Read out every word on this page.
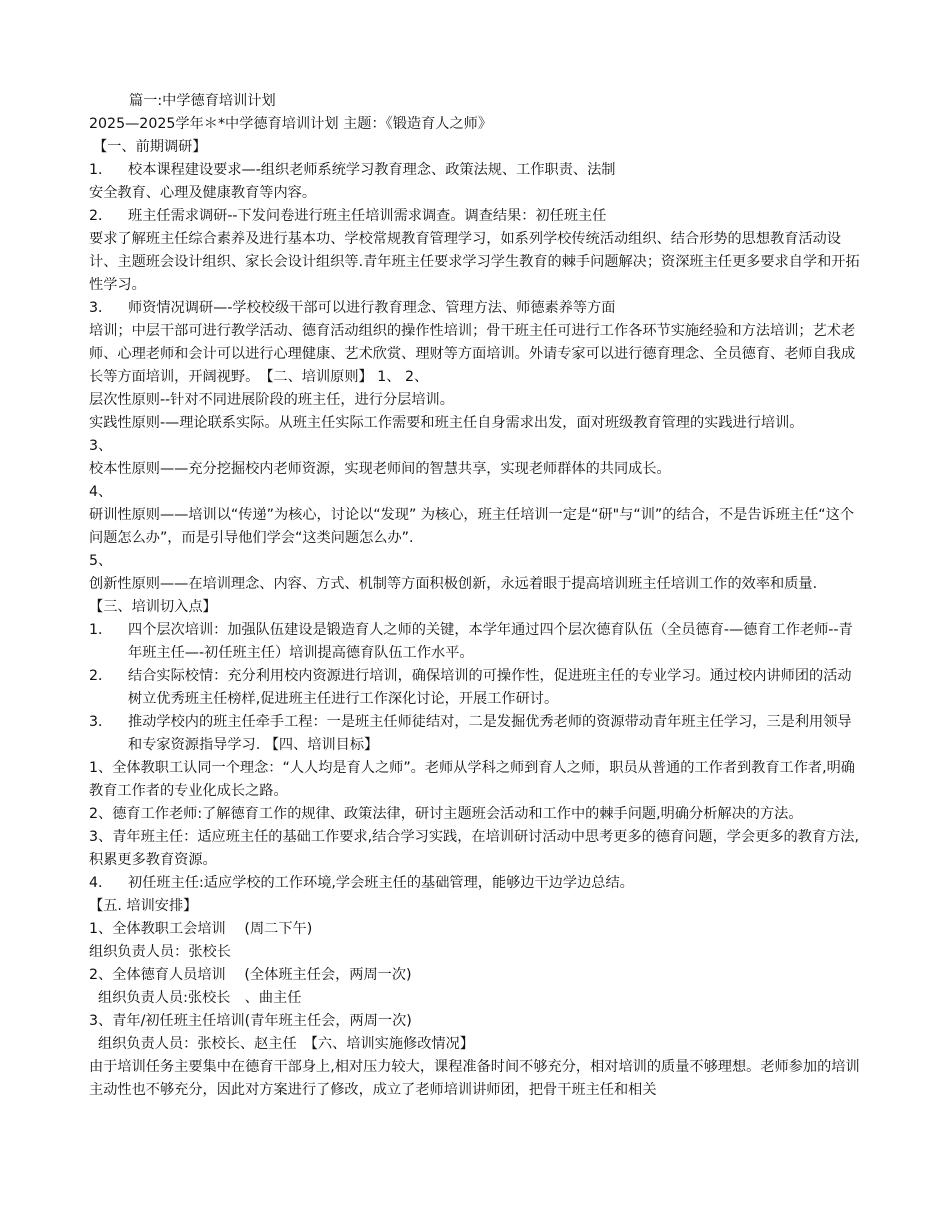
篇一:中学德育培训计划

2025—2025学年＊*中学德育培训计划 主题：《锻造育人之师》

【一、前期调研】

1． 校本课程建设要求—-组织老师系统学习教育理念、政策法规、工作职责、法制

安全教育、心理及健康教育等内容。

2． 班主任需求调研--下发问卷进行班主任培训需求调查。调查结果：初任班主任

要求了解班主任综合素养及进行基本功、学校常规教育管理学习，如系列学校传统活动组织、结合形势的思想教育活动设计、主题班会设计组织、家长会设计组织等.青年班主任要求学习学生教育的棘手问题解决；资深班主任更多要求自学和开拓性学习。

3． 师资情况调研—-学校校级干部可以进行教育理念、管理方法、师德素养等方面

培训；中层干部可进行教学活动、德育活动组织的操作性培训；骨干班主任可进行工作各环节实施经验和方法培训；艺术老师、心理老师和会计可以进行心理健康、艺术欣赏、理财等方面培训。外请专家可以进行德育理念、全员德育、老师自我成长等方面培训，开阔视野。　【二、培训原则】 1、 2、

层次性原则--针对不同进展阶段的班主任，进行分层培训。

实践性原则-—理论联系实际。从班主任实际工作需要和班主任自身需求出发，面对班级教育管理的实践进行培训。

3、

校本性原则——充分挖掘校内老师资源，实现老师间的智慧共享，实现老师群体的共同成长。

4、

研训性原则——培训以“传递”为核心，讨论以“发现” 为核心，班主任培训一定是“研"与“训”的结合，不是告诉班主任“这个问题怎么办”，而是引导他们学会“这类问题怎么办”.

5、

创新性原则——在培训理念、内容、方式、机制等方面积极创新，永远着眼于提高培训班主任培训工作的效率和质量.

【三、培训切入点】

1． 四个层次培训：加强队伍建设是锻造育人之师的关键，本学年通过四个层次德育队伍（全员德育-—德育工作老师--青年班主任—-初任班主任）培训提高德育队伍工作水平。

2． 结合实际校情：充分利用校内资源进行培训，确保培训的可操作性，促进班主任的专业学习。通过校内讲师团的活动树立优秀班主任榜样,促进班主任进行工作深化讨论，开展工作研讨。

3． 推动学校内的班主任牵手工程：一是班主任师徒结对，二是发掘优秀老师的资源带动青年班主任学习，三是利用领导和专家资源指导学习. 【四、培训目标】

1、全体教职工认同一个理念：“人人均是育人之师”。老师从学科之师到育人之师，职员从普通的工作者到教育工作者,明确教育工作者的专业化成长之路。

2、德育工作老师:了解德育工作的规律、政策法律，研讨主题班会活动和工作中的棘手问题,明确分析解决的方法。

3、青年班主任：适应班主任的基础工作要求,结合学习实践，在培训研讨活动中思考更多的德育问题，学会更多的教育方法,积累更多教育资源。

4． 初任班主任:适应学校的工作环境,学会班主任的基础管理，能够边干边学边总结。

【五. 培训安排】

1、全体教职工会培训　 (周二下午)

组织负责人员：张校长

2、全体德育人员培训　 (全体班主任会，两周一次)

组织负责人员:张校长　、曲主任

3、青年/初任班主任培训(青年班主任会，两周一次)

组织负责人员：张校长、赵主任　【六、培训实施修改情况】

由于培训任务主要集中在德育干部身上,相对压力较大，课程准备时间不够充分，相对培训的质量不够理想。老师参加的培训主动性也不够充分，因此对方案进行了修改，成立了老师培训讲师团，把骨干班主任和相关
